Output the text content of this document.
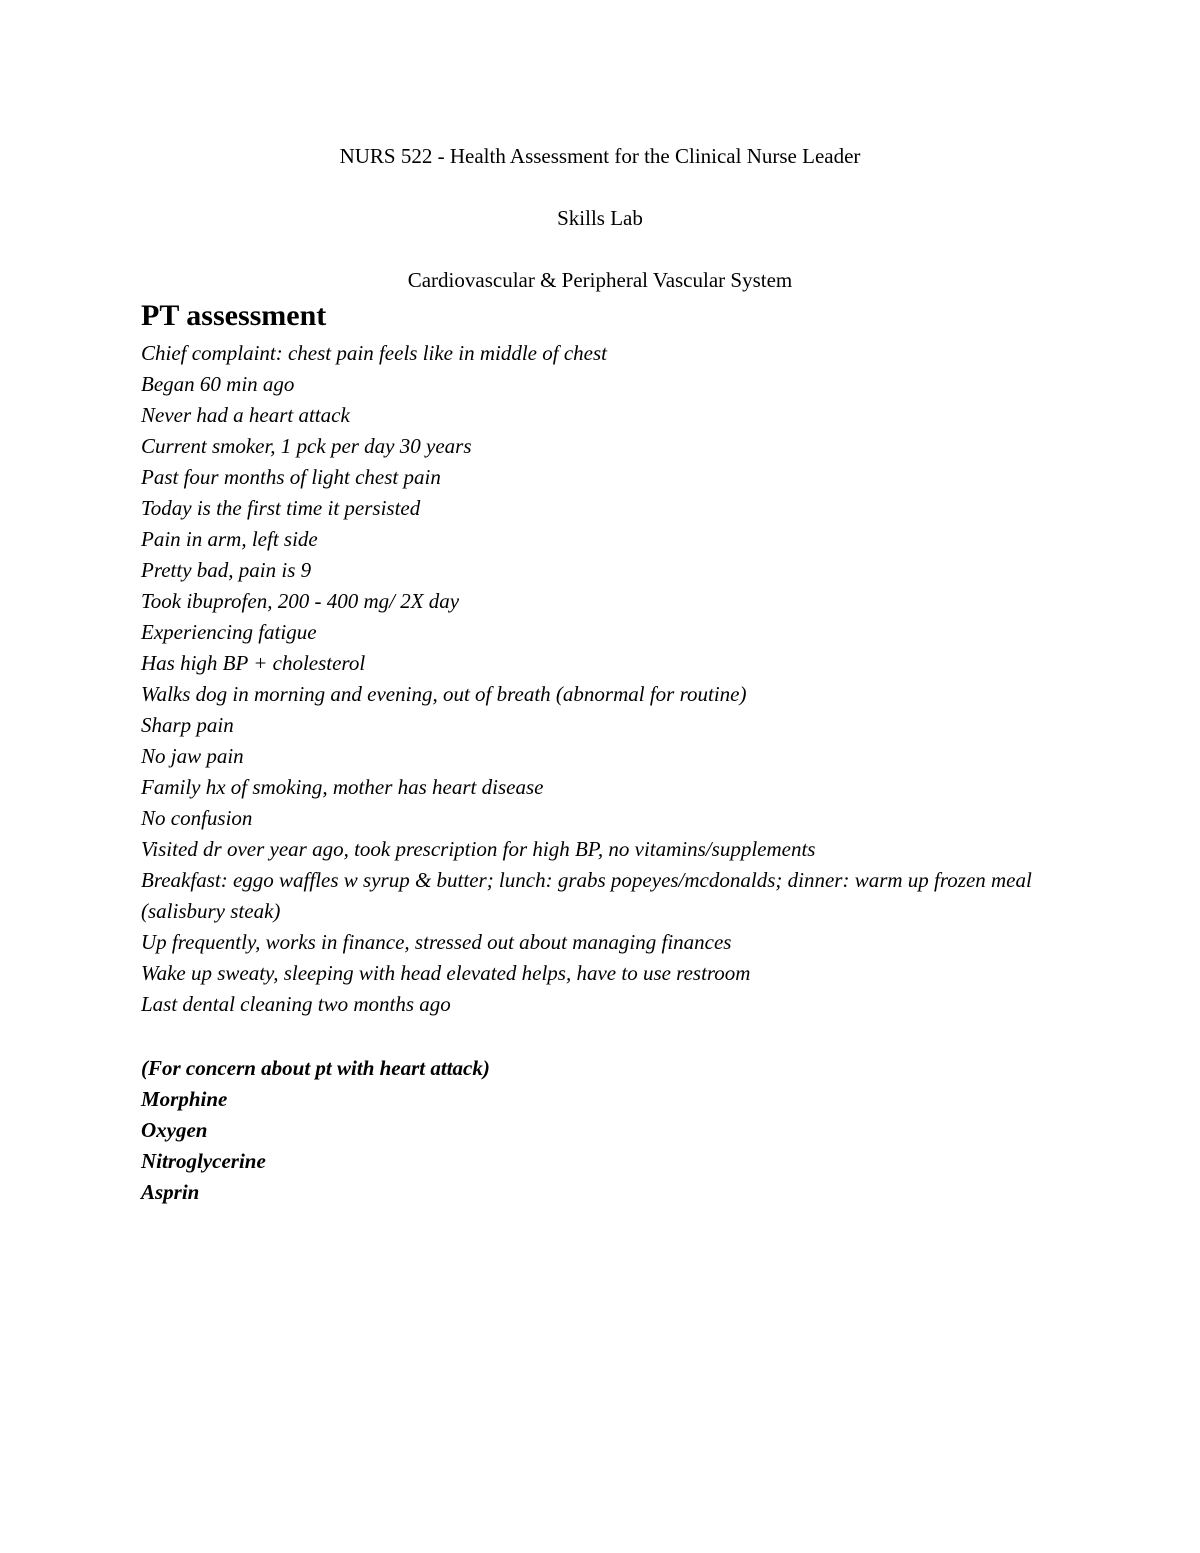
NURS 522 - Health Assessment for the Clinical Nurse Leader
Skills Lab
Cardiovascular & Peripheral Vascular System
PT assessment
Chief complaint: chest pain feels like in middle of chest
Began 60 min ago
Never had a heart attack
Current smoker, 1 pck per day 30 years
Past four months of light chest pain
Today is the first time it persisted
Pain in arm, left side
Pretty bad, pain is 9
Took ibuprofen, 200 - 400 mg/ 2X day
Experiencing fatigue
Has high BP + cholesterol
Walks dog in morning and evening, out of breath (abnormal for routine)
Sharp pain
No jaw pain
Family hx of smoking, mother has heart disease
No confusion
Visited dr over year ago, took prescription for high BP, no vitamins/supplements
Breakfast: eggo waffles w syrup & butter; lunch: grabs popeyes/mcdonalds; dinner: warm up frozen meal
(salisbury steak)
Up frequently, works in finance, stressed out about managing finances
Wake up sweaty, sleeping with head elevated helps, have to use restroom
Last dental cleaning two months ago
(For concern about pt with heart attack)
Morphine
Oxygen
Nitroglycerine
Asprin
